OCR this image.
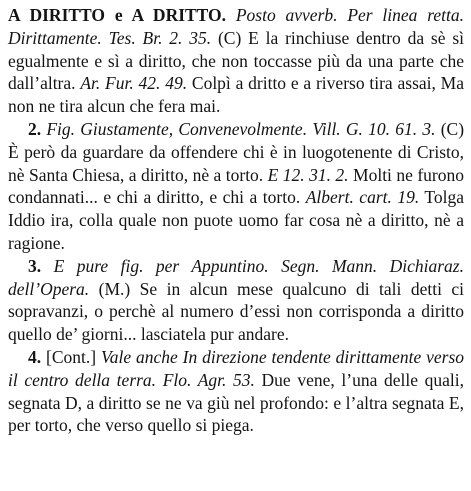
A DIRITTO e A DRITTO. Posto avverb. Per linea retta. Dirittamente. Tes. Br. 2. 35. (C) E la rinchiuse dentro da sè sì egualmente e sì a diritto, che non toccasse più da una parte che dall’altra. Ar. Fur. 42. 49. Colpì a dritto e a riverso tira assai, Ma non ne tira alcun che fera mai.

2. Fig. Giustamente, Convenevolmente. Vill. G. 10. 61. 3. (C) È però da guardare da offendere chi è in luogotenente di Cristo, nè Santa Chiesa, a diritto, nè a torto. E 12. 31. 2. Molti ne furono condannati... e chi a diritto, e chi a torto. Albert. cart. 19. Tolga Iddio ira, colla quale non puote uomo far cosa nè a diritto, nè a ragione.

3. E pure fig. per Appuntino. Segn. Mann. Dichiaraz. dell’Opera. (M.) Se in alcun mese qualcuno di tali detti ci sopravanzi, o perchè al numero d’essi non corrisponda a diritto quello de’ giorni... lasciatela pur andare.

4. [Cont.] Vale anche In direzione tendente dirittamente verso il centro della terra. Flo. Agr. 53. Due vene, l’una delle quali, segnata D, a diritto se ne va giù nel profondo: e l’altra segnata E, per torto, che verso quello si piega.
